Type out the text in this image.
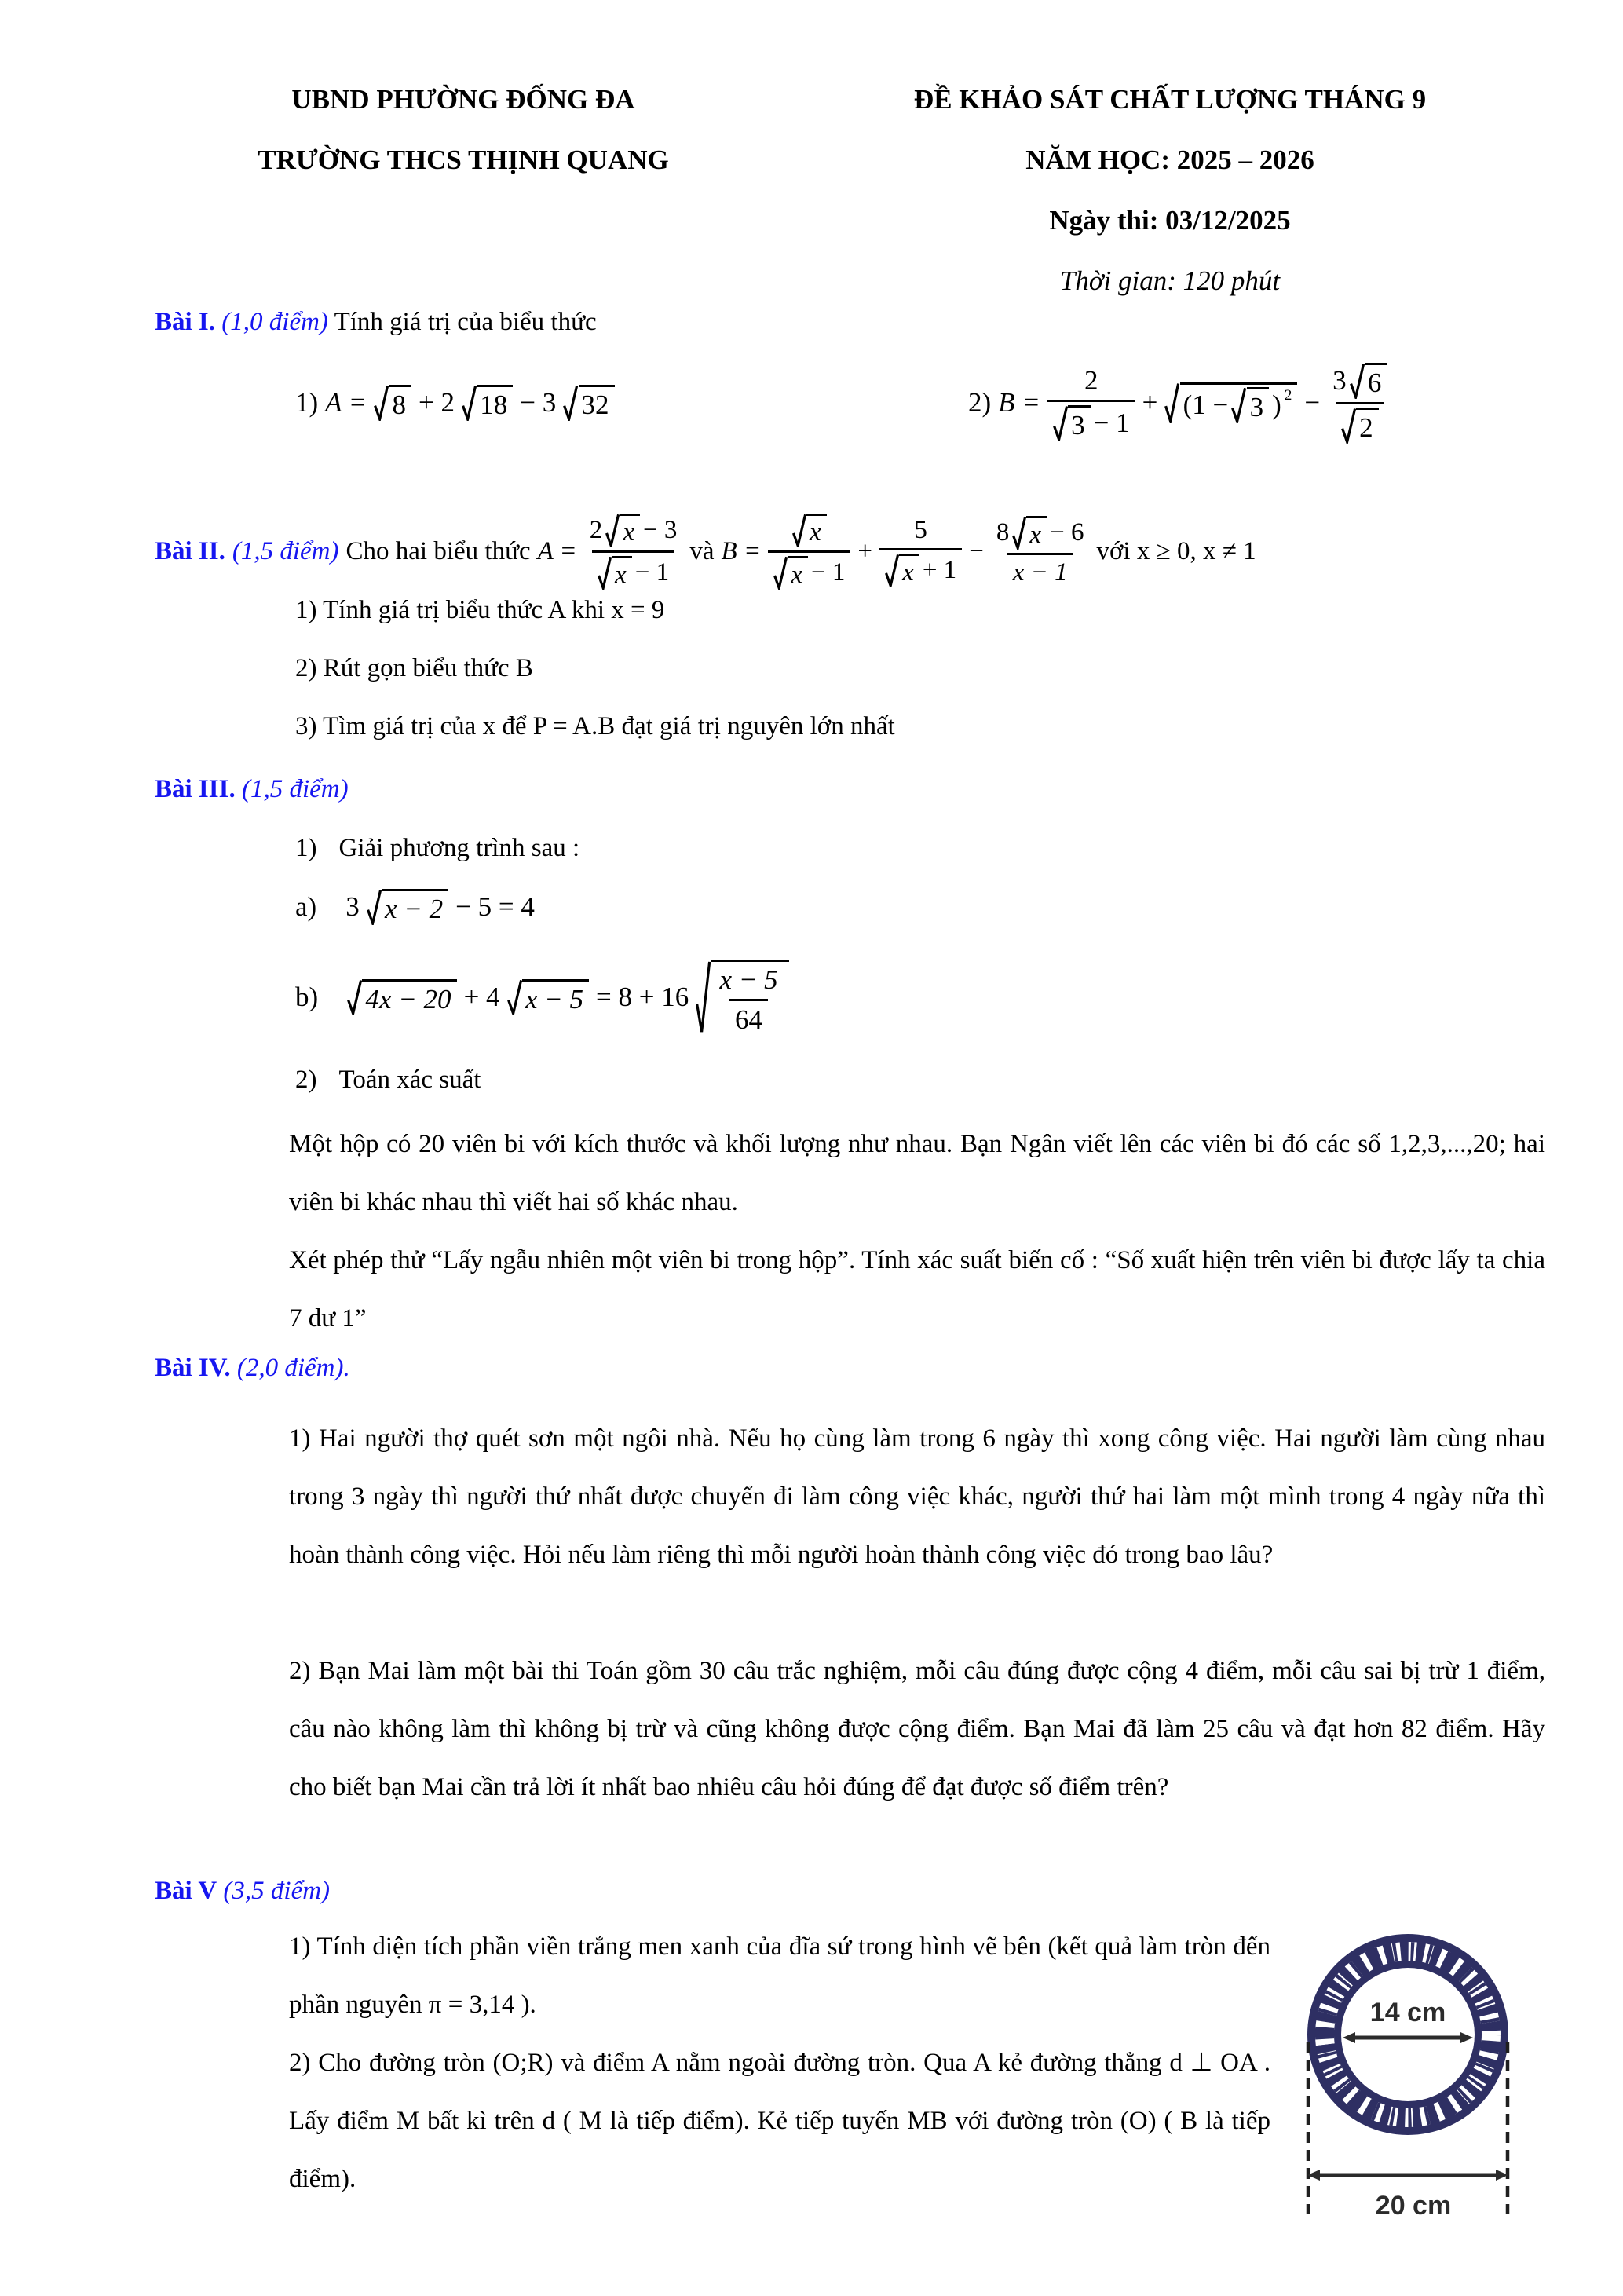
UBND PHƯỜNG ĐỐNG ĐA
TRƯỜNG THCS THỊNH QUANG
ĐỀ KHẢO SÁT CHẤT LƯỢNG THÁNG 9
NĂM HỌC: 2025 – 2026
Ngày thi: 03/12/2025
Thời gian: 120 phút
Bài I. (1,0 điểm) Tính giá trị của biểu thức
1) A = 8 + 2 18 − 3 32	2) $B = \frac{2}{3 - 1} + (1 - 3$ ) $2 - \frac{3 6}{2}$
Bài II. (1,5 điểm) Cho hai biểu thức $A = \frac{2 x - 3}{x - 1}$ và $B = \frac{x}{x - 1} + \frac{5}{x + 1} - \frac{8 x - 6}{x - 1}$ với x ≥ 0, x ≠ 1
1) Tính giá trị biểu thức A khi x = 9
2) Rút gọn biểu thức B
3) Tìm giá trị của x để P = A.B đạt giá trị nguyên lớn nhất
Bài III. (1,5 điểm)
1) Giải phương trình sau :
a) 3 x − 2 − 5 = 4
b) 4x − 20 + 4 x − 5 = 8 + 16
x − 5
64
2) Toán xác suất
Một hộp có 20 viên bi với kích thước và khối lượng như nhau. Bạn Ngân viết lên các viên bi đó các số 1,2,3,...,20; hai viên bi khác nhau thì viết hai số khác nhau.
Xét phép thử “Lấy ngẫu nhiên một viên bi trong hộp”. Tính xác suất biến cố : “Số xuất hiện trên viên bi được lấy ta chia 7 dư 1”
Bài IV. (2,0 điểm).
1) Hai người thợ quét sơn một ngôi nhà. Nếu họ cùng làm trong 6 ngày thì xong công việc. Hai người làm cùng nhau trong 3 ngày thì người thứ nhất được chuyển đi làm công việc khác, người thứ hai làm một mình trong 4 ngày nữa thì hoàn thành công việc. Hỏi nếu làm riêng thì mỗi người hoàn thành công việc đó trong bao lâu?
2) Bạn Mai làm một bài thi Toán gồm 30 câu trắc nghiệm, mỗi câu đúng được cộng 4 điểm, mỗi câu sai bị trừ 1 điểm, câu nào không làm thì không bị trừ và cũng không được cộng điểm. Bạn Mai đã làm 25 câu và đạt hơn 82 điểm. Hãy cho biết bạn Mai cần trả lời ít nhất bao nhiêu câu hỏi đúng để đạt được số điểm trên?
Bài V (3,5 điểm)
1) Tính diện tích phần viền trắng men xanh của đĩa sứ trong hình vẽ bên (kết quả làm tròn đến phần nguyên π = 3,14 ).
2) Cho đường tròn (O;R) và điểm A nằm ngoài đường tròn. Qua A kẻ đường thẳng d ⊥ OA . Lấy điểm M bất kì trên d ( M là tiếp điểm). Kẻ tiếp tuyến MB với đường tròn (O) ( B là tiếp điểm).
14 cm
20 cm
